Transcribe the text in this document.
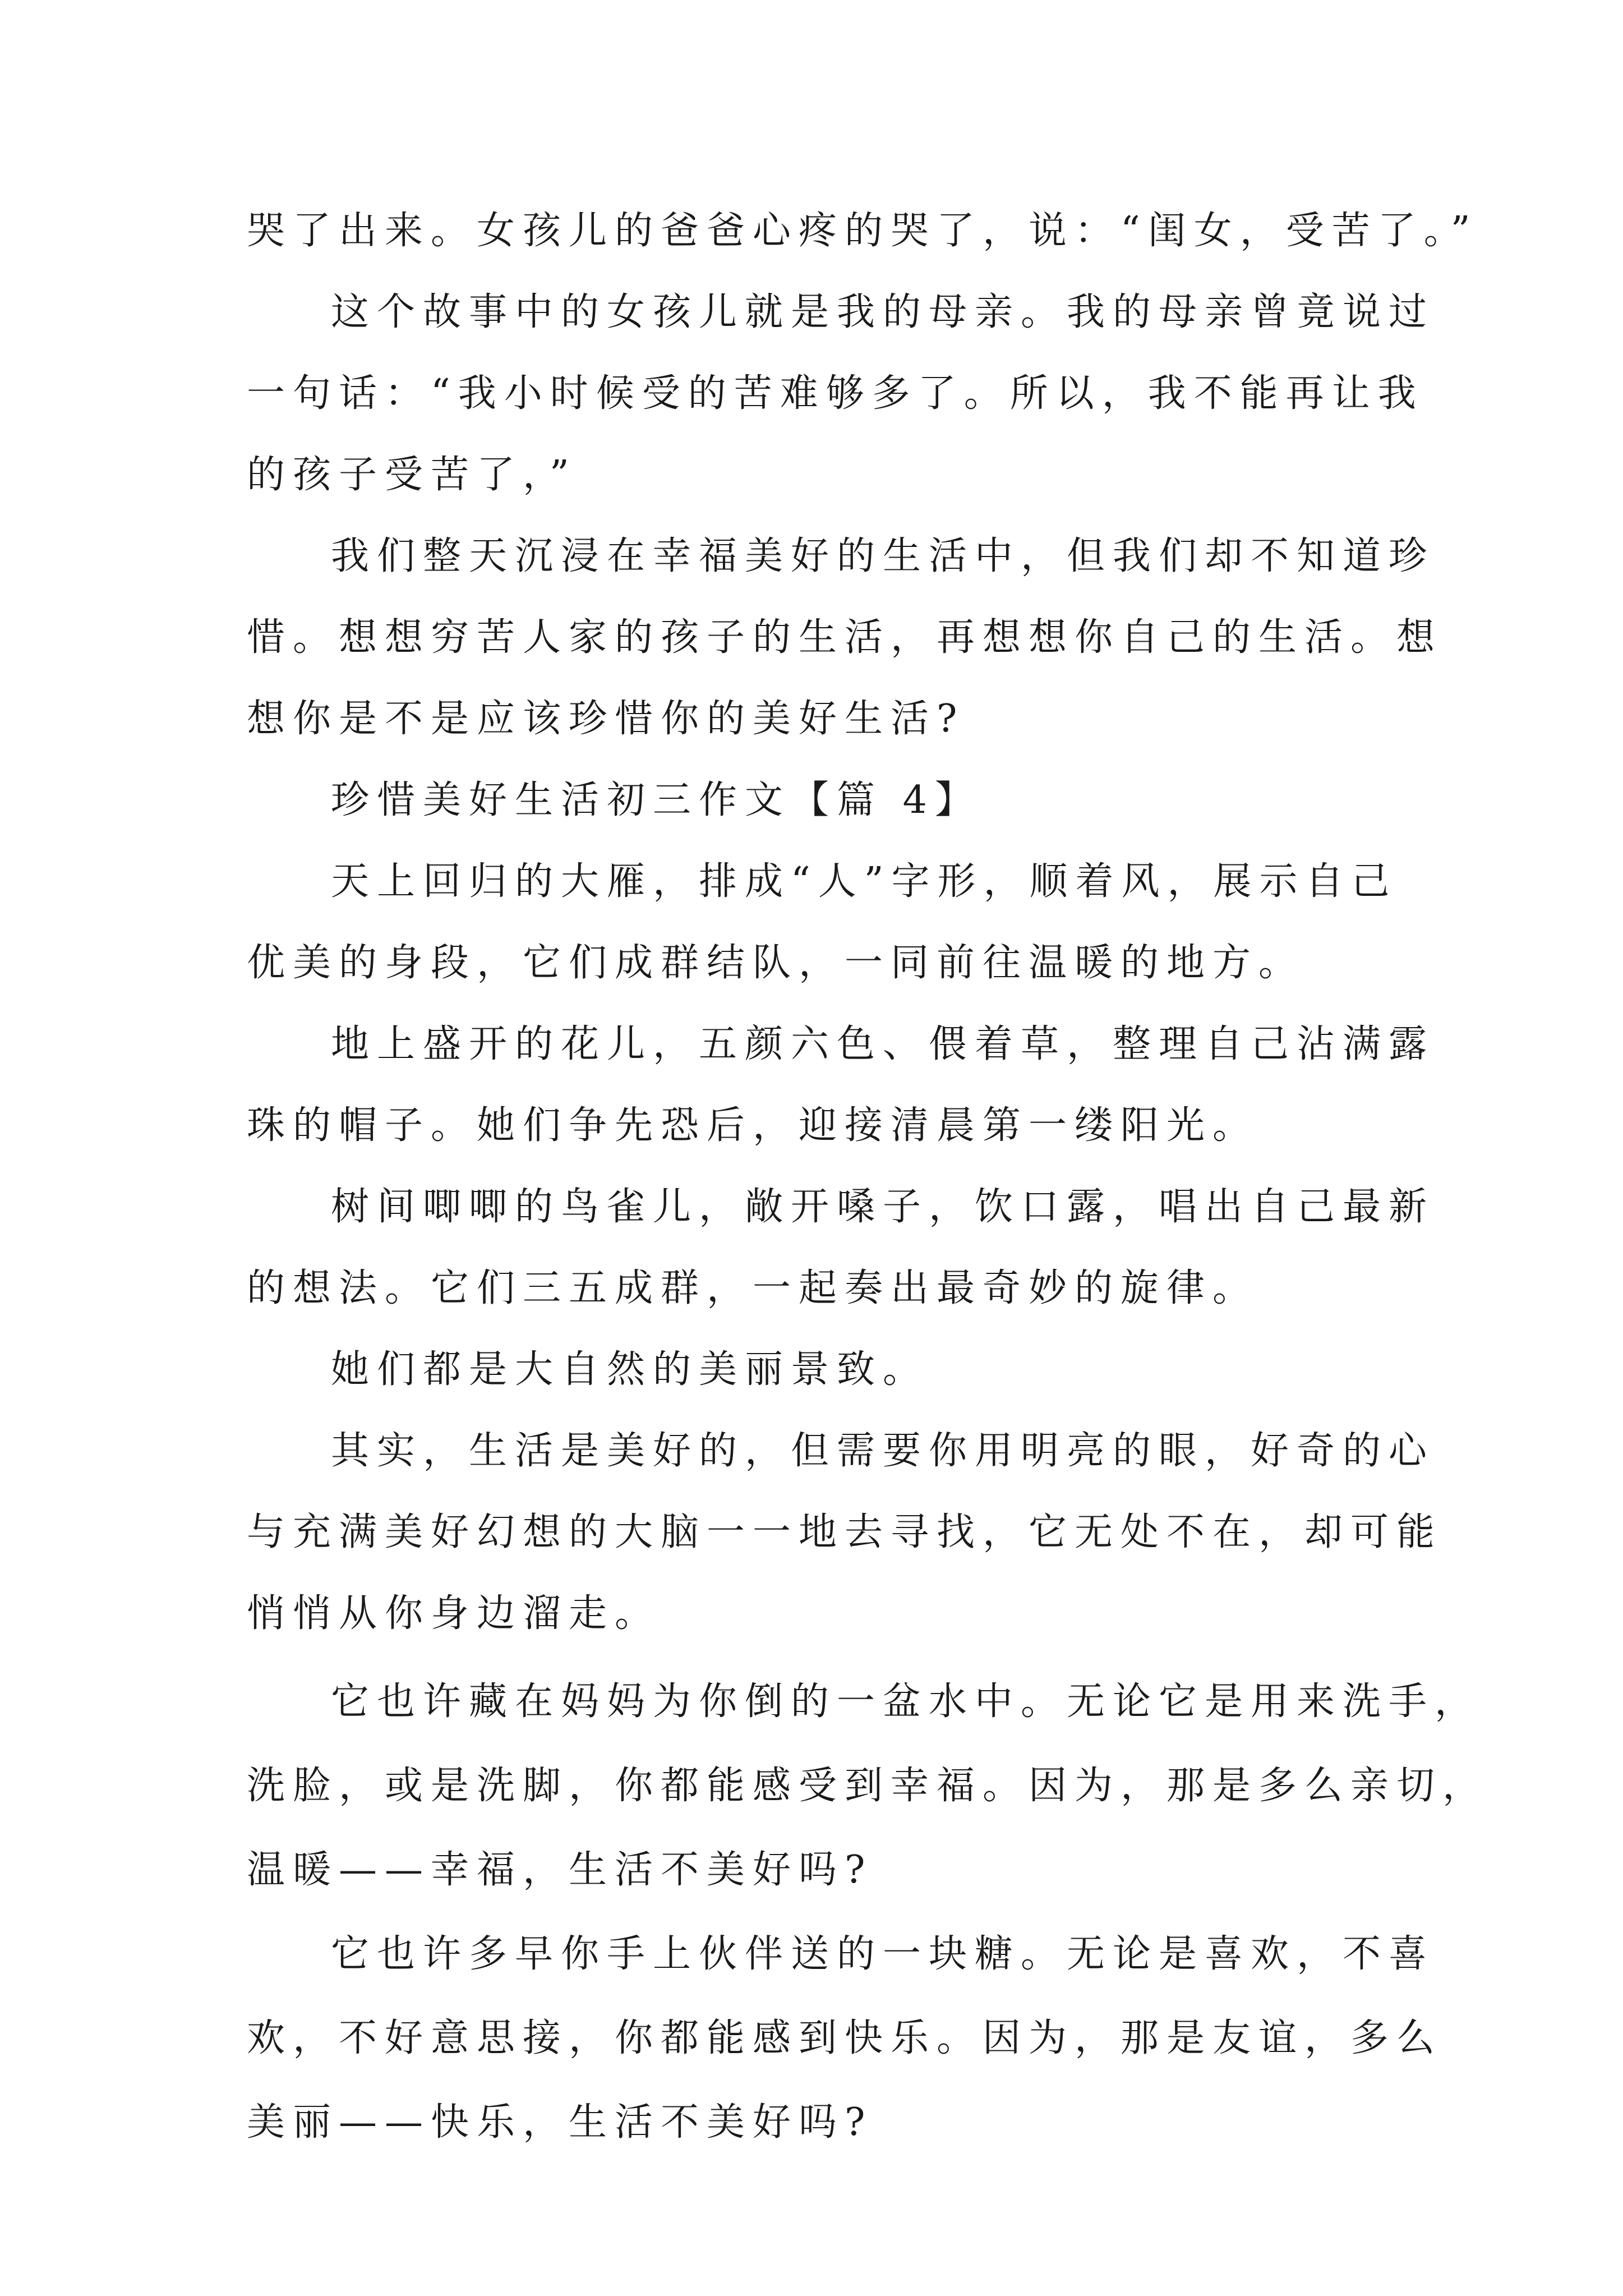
哭了出来。女孩儿的爸爸心疼的哭了，说：“闺女，受苦了。”
这个故事中的女孩儿就是我的母亲。我的母亲曾竟说过
一句话：“我小时候受的苦难够多了。所以，我不能再让我
的孩子受苦了，”
我们整天沉浸在幸福美好的生活中，但我们却不知道珍
惜。想想穷苦人家的孩子的生活，再想想你自己的生活。想
想你是不是应该珍惜你的美好生活?
珍惜美好生活初三作文【篇 4】
天上回归的大雁，排成“人”字形，顺着风，展示自己
优美的身段，它们成群结队，一同前往温暖的地方。
地上盛开的花儿，五颜六色、偎着草，整理自己沾满露
珠的帽子。她们争先恐后，迎接清晨第一缕阳光。
树间唧唧的鸟雀儿，敞开嗓子，饮口露，唱出自己最新
的想法。它们三五成群，一起奏出最奇妙的旋律。
她们都是大自然的美丽景致。
其实，生活是美好的，但需要你用明亮的眼，好奇的心
与充满美好幻想的大脑一一地去寻找，它无处不在，却可能
悄悄从你身边溜走。
它也许藏在妈妈为你倒的一盆水中。无论它是用来洗手，
洗脸，或是洗脚，你都能感受到幸福。因为，那是多么亲切，
温暖——幸福，生活不美好吗?
它也许多早你手上伙伴送的一块糖。无论是喜欢，不喜
欢，不好意思接，你都能感到快乐。因为，那是友谊，多么
美丽——快乐，生活不美好吗?
